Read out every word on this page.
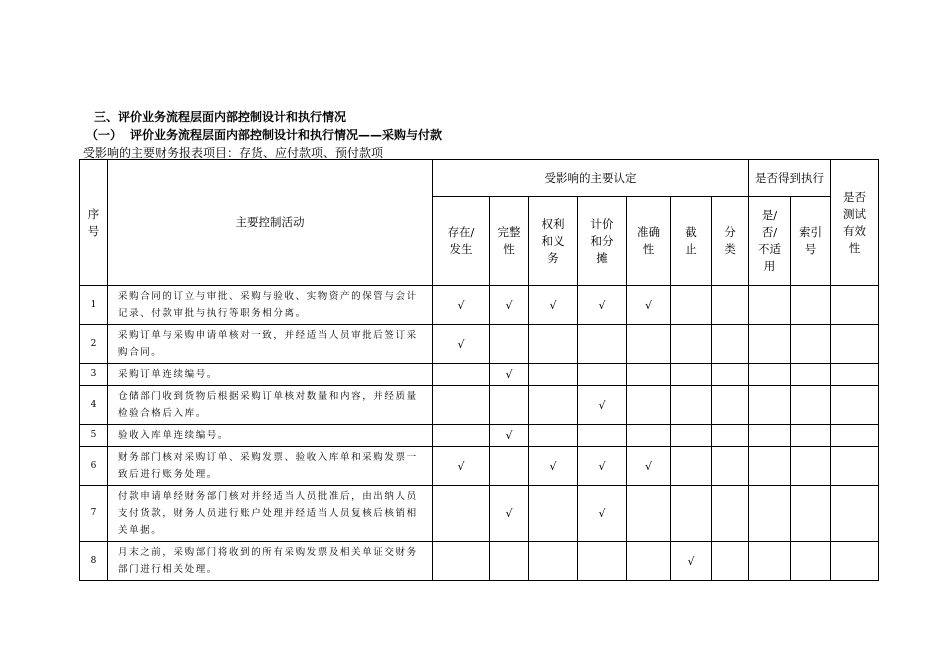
三、评价业务流程层面内部控制设计和执行情况
（一） 评价业务流程层面内部控制设计和执行情况——采购与付款
受影响的主要财务报表项目：存货、应付款项、预付款项
序号	主要控制活动	受影响的主要认定							是否得到执行		是否测试有效性

		存在/发生	完整性	权利和义务	计价和分摊	准确性	截止	分类	是/否/不适用	索引号	

1	采购合同的订立与审批、采购与验收、实物资产的保管与会计记录、付款审批与执行等职务相分离。	√	√	√	√	√					
2	采购订单与采购申请单核对一致，并经适当人员审批后签订采购合同。	√									
3	采购订单连续编号。		√								
4	仓储部门收到货物后根据采购订单核对数量和内容，并经质量检验合格后入库。				√						
5	验收入库单连续编号。		√								
6	财务部门核对采购订单、采购发票、验收入库单和采购发票一致后进行账务处理。	√		√	√	√					
7	付款申请单经财务部门核对并经适当人员批准后，由出纳人员支付货款，财务人员进行账户处理并经适当人员复核后核销相关单据。		√		√						
8	月末之前，采购部门将收到的所有采购发票及相关单证交财务部门进行相关处理。						√				
